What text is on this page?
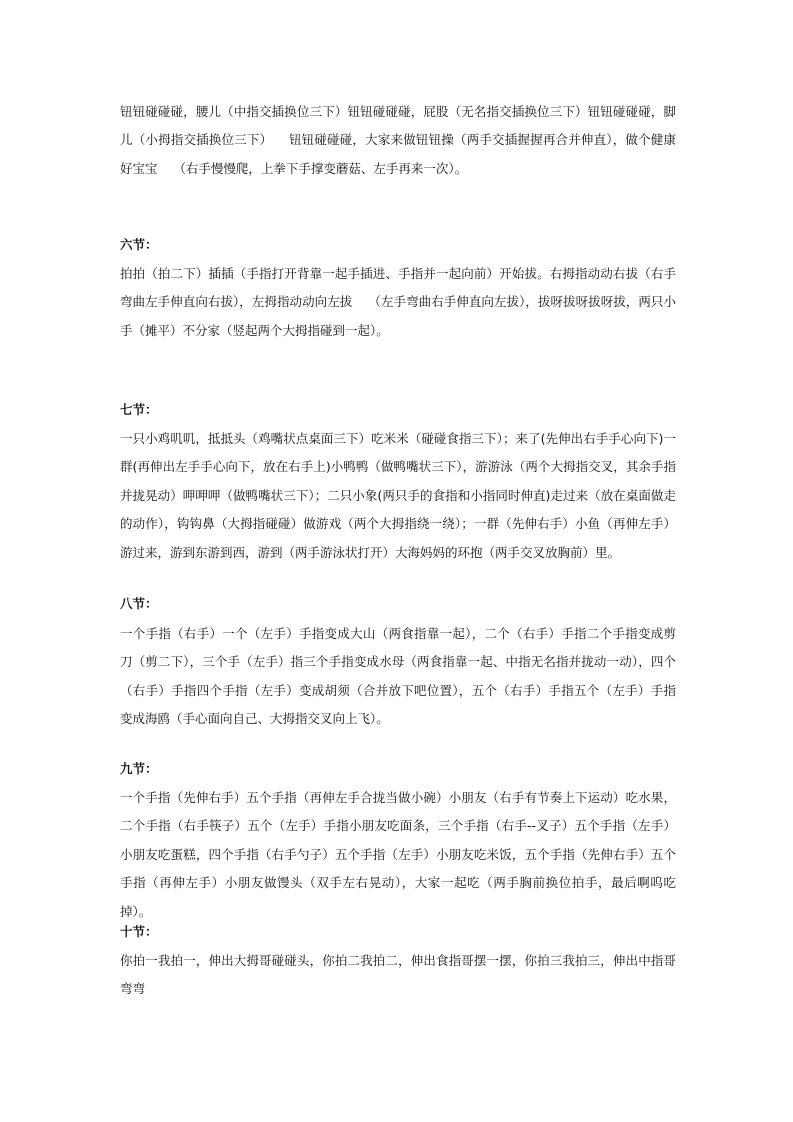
钮钮碰碰碰，腰儿（中指交插换位三下）钮钮碰碰碰，屁股（无名指交插换位三下）钮钮碰碰碰，脚儿（小拇指交插换位三下）    钮钮碰碰碰，大家来做钮钮操（两手交插握握再合并伸直），做个健康好宝宝    （右手慢慢爬，上拳下手撑变蘑菇、左手再来一次）。

六节：

拍拍（拍二下）插插（手指打开背靠一起手插进、手指并一起向前）开始拔。右拇指动动右拔（右手弯曲左手伸直向右拔），左拇指动动向左拔    （左手弯曲右手伸直向左拔），拔呀拔呀拔呀拔，两只小手（摊平）不分家（竖起两个大拇指碰到一起）。

七节：

一只小鸡叽叽，抵抵头（鸡嘴状点桌面三下）吃米米（碰碰食指三下）；来了(先伸出右手手心向下)一群(再伸出左手手心向下，放在右手上)小鸭鸭（做鸭嘴状三下），游游泳（两个大拇指交叉，其余手指并拢晃动）呷呷呷（做鸭嘴状三下）；二只小象(两只手的食指和小指同时伸直)走过来（放在桌面做走的动作），钩钩鼻（大拇指碰碰）做游戏（两个大拇指绕一绕）；一群（先伸右手）小鱼（再伸左手）游过来，游到东游到西，游到（两手游泳状打开）大海妈妈的环抱（两手交叉放胸前）里。

八节：

一个手指（右手）一个（左手）手指变成大山（两食指靠一起），二个（右手）手指二个手指变成剪刀（剪二下），三个手（左手）指三个手指变成水母（两食指靠一起、中指无名指并拢动一动），四个（右手）手指四个手指（左手）变成胡须（合并放下吧位置），五个（右手）手指五个（左手）手指变成海鸥（手心面向自己、大拇指交叉向上飞）。

九节：

一个手指（先伸右手）五个手指（再伸左手合拢当做小碗）小朋友（右手有节奏上下运动）吃水果，二个手指（右手筷子）五个（左手）手指小朋友吃面条，三个手指（右手--叉子）五个手指（左手）小朋友吃蛋糕，四个手指（右手勺子）五个手指（左手）小朋友吃米饭，五个手指（先伸右手）五个手指（再伸左手）小朋友做馒头（双手左右晃动），大家一起吃（两手胸前换位拍手，最后啊呜吃掉）。

十节：

你拍一我拍一，伸出大拇哥碰碰头，你拍二我拍二，伸出食指哥摆一摆，你拍三我拍三，伸出中指哥弯弯
